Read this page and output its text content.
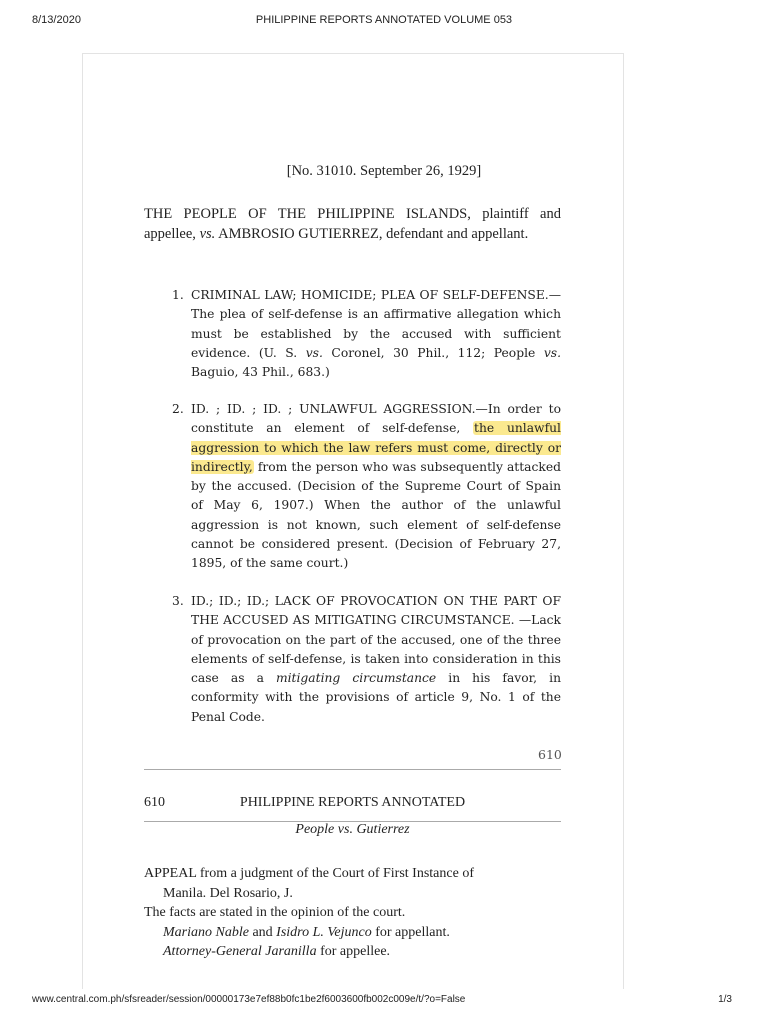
PHILIPPINE REPORTS ANNOTATED VOLUME 053
8/13/2020
[No. 31010. September 26, 1929]
THE PEOPLE OF THE PHILIPPINE ISLANDS, plaintiff and appellee, vs. AMBROSIO GUTIERREZ, defendant and appellant.
1. CRIMINAL LAW; HOMICIDE; PLEA OF SELF-DEFENSE.—The plea of self-defense is an affirmative allegation which must be established by the accused with sufficient evidence. (U. S. vs. Coronel, 30 Phil., 112; People vs. Baguio, 43 Phil., 683.)
2. ID. ; ID. ; ID. ; UNLAWFUL AGGRESSION.—In order to constitute an element of self-defense, the unlawful aggression to which the law refers must come, directly or indirectly, from the person who was subsequently attacked by the accused. (Decision of the Supreme Court of Spain of May 6, 1907.) When the author of the unlawful aggression is not known, such element of self-defense cannot be considered present. (Decision of February 27, 1895, of the same court.)
3. ID.; ID.; ID.; LACK OF PROVOCATION ON THE PART OF THE ACCUSED AS MITIGATING CIRCUMSTANCE. —Lack of provocation on the part of the accused, one of the three elements of self-defense, is taken into consideration in this case as a mitigating circumstance in his favor, in conformity with the provisions of article 9, No. 1 of the Penal Code.
610
PHILIPPINE REPORTS ANNOTATED
610
People vs. Gutierrez
APPEAL from a judgment of the Court of First Instance of
Manila. Del Rosario, J.
The facts are stated in the opinion of the court.
Mariano Nable and Isidro L. Vejunco for appellant.
Attorney-General Jaranilla for appellee.
www.central.com.ph/sfsreader/session/00000173e7ef88b0fc1be2f6003600fb002c009e/t/?o=False	1/3
